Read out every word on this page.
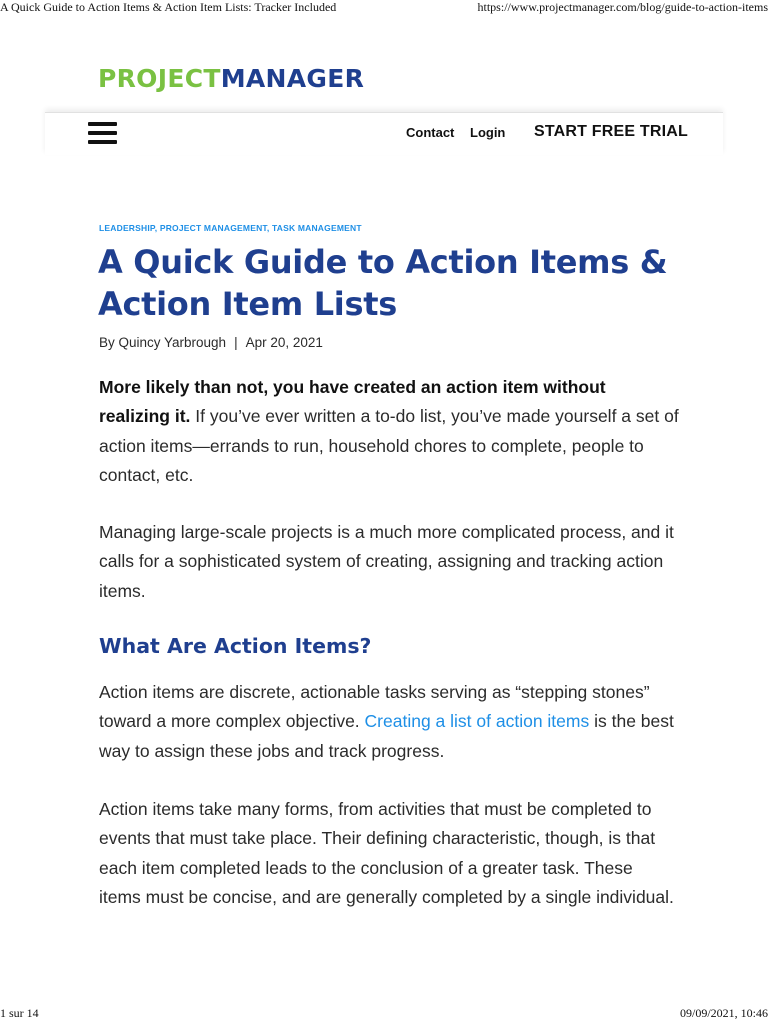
A Quick Guide to Action Items & Action Item Lists: Tracker Included	https://www.projectmanager.com/blog/guide-to-action-items
PROJECTMANAGER
Contact Login START FREE TRIAL
LEADERSHIP, PROJECT MANAGEMENT, TASK MANAGEMENT
A Quick Guide to Action Items & Action Item Lists
By Quincy Yarbrough | Apr 20, 2021

More likely than not, you have created an action item without realizing it. If you’ve ever written a to-do list, you’ve made yourself a set of action items—errands to run, household chores to complete, people to contact, etc.

Managing large-scale projects is a much more complicated process, and it calls for a sophisticated system of creating, assigning and tracking action items.

What Are Action Items?

Action items are discrete, actionable tasks serving as “stepping stones” toward a more complex objective. Creating a list of action items is the best way to assign these jobs and track progress.

Action items take many forms, from activities that must be completed to events that must take place. Their defining characteristic, though, is that each item completed leads to the conclusion of a greater task. These items must be concise, and are generally completed by a single individual.

1 sur 14	09/09/2021, 10:46
